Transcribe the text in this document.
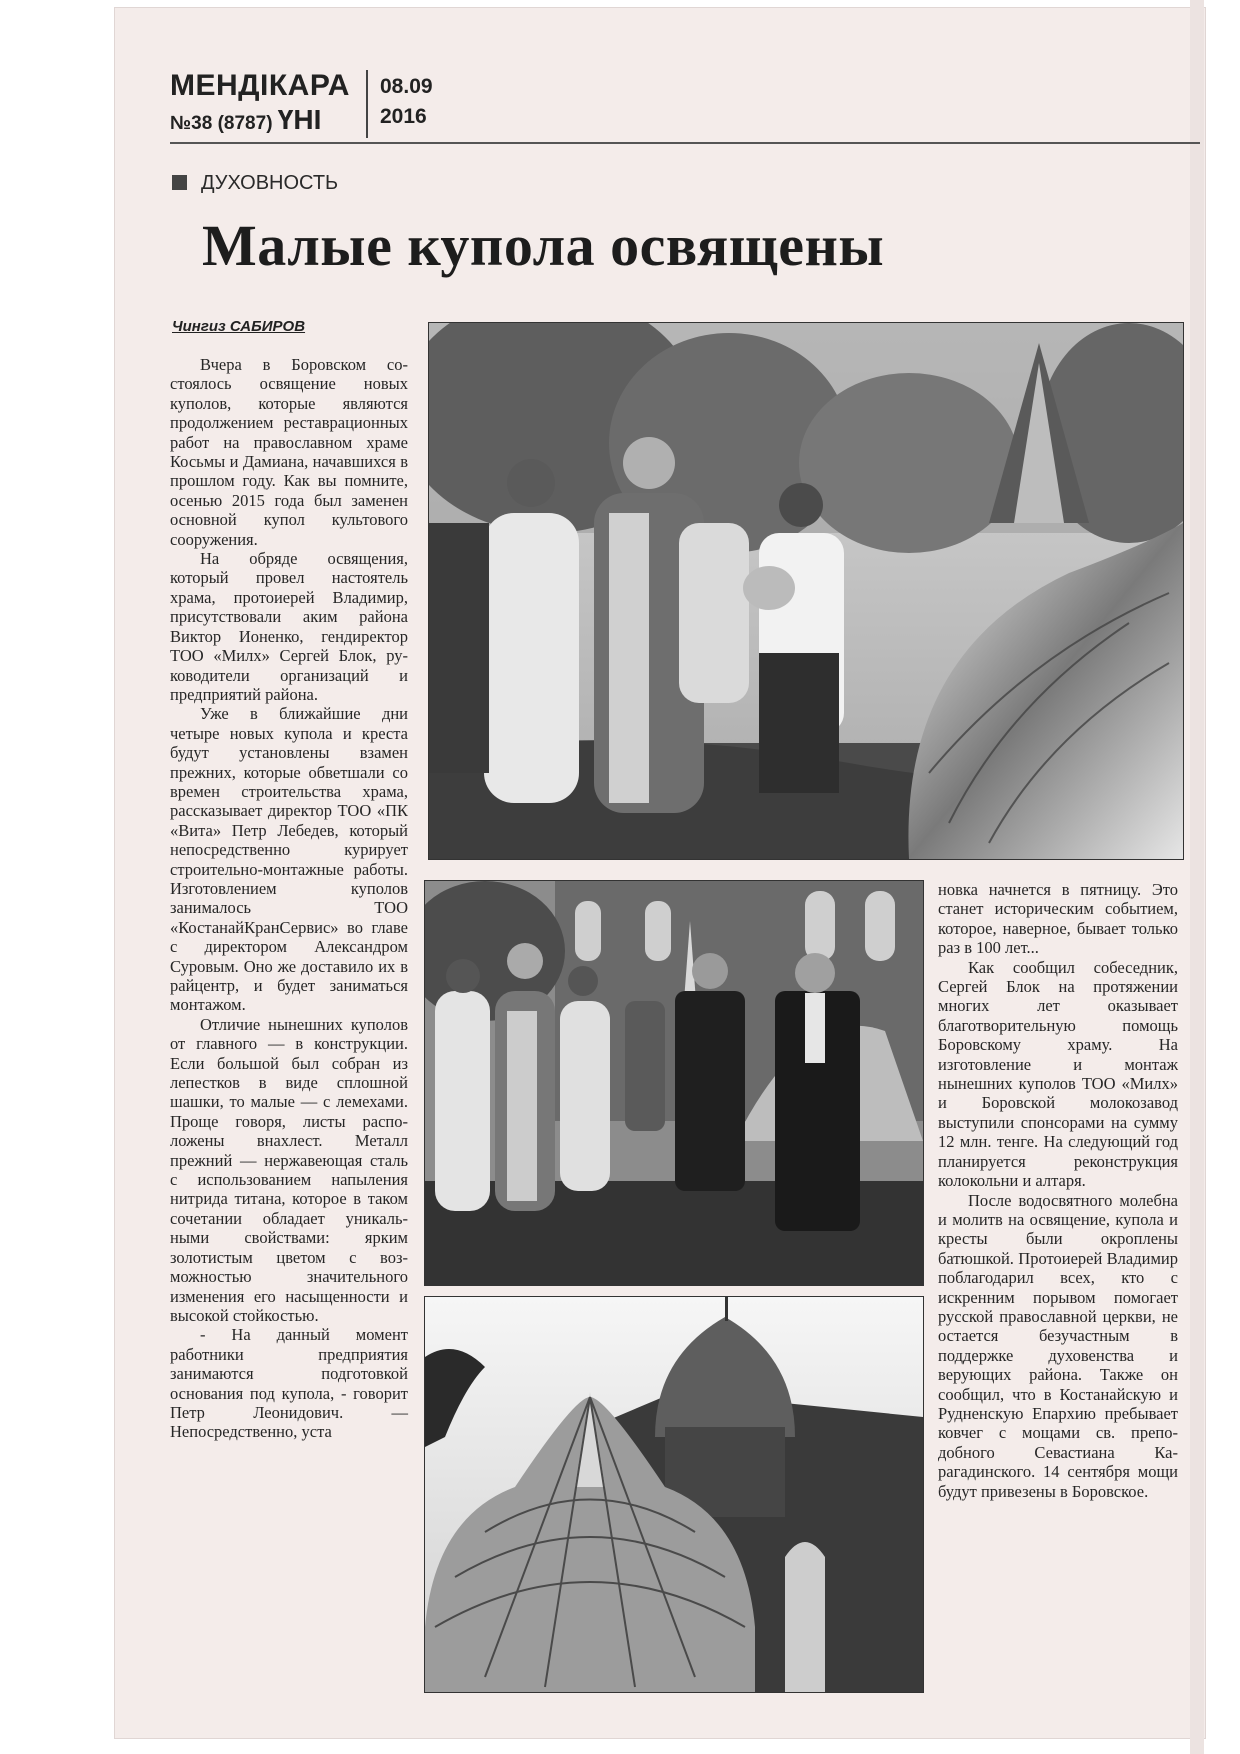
МЕНДІКАРА
№38 (8787) ҮНІ
08.09
2016
ДУХОВНОСТЬ
Малые купола освящены
Чингиз САБИРОВ

Вчера в Боровском состоялось освящение новых куполов, которые являются продолжением реставрационных работ на православном храме Косьмы и Дамиана, начавшихся в прошлом году. Как вы помните, осенью 2015 года был заменен основной купол культового сооружения.

На обряде освящения, который провел настоятель храма, протоиерей Владимир, присутствовали аким района Виктор Ионенко, гендиректор ТОО «Милх» Сергей Блок, руководители организаций и предприятий района.

Уже в ближайшие дни четыре новых купола и креста будут установлены взамен прежних, которые обветшали со времен строительства храма, рассказывает директор ТОО «ПК «Вита» Петр Лебедев, который непосредственно курирует строительно-монтажные работы. Изготовлением куполов занималось ТОО «КостанайКранСервис» во главе с директором Александром Суровым. Оно же доставило их в райцентр, и будет заниматься монтажом.

Отличие нынешних куполов от главного — в конструкции. Если большой был собран из лепестков в виде сплошной шашки, то малые — с лемехами. Проще говоря, листы расположены внахлест. Металл прежний — нержавеющая сталь с использованием напыления нитрида титана, которое в таком сочетании обладает уникальными свойствами: ярким золотистым цветом с возможностью значительного изменения его насыщенности и высокой стойкостью.

- На данный момент работники предприятия занимаются подготовкой основания под купола, - говорит Петр Леонидович. — Непосредственно, уста

новка начнется в пятницу. Это станет историческим событием, которое, наверное, бывает только раз в 100 лет...

Как сообщил собеседник, Сергей Блок на протяжении многих лет оказывает благотворительную помощь Боровскому храму. На изготовление и монтаж нынешних куполов ТОО «Милх» и Боровской молокозавод выступили спонсорами на сумму 12 млн. тенге. На следующий год планируется реконструкция колокольни и алтаря.

После водосвятного молебна и молитв на освящение, купола и кресты были окроплены батюшкой. Протоиерей Владимир поблагодарил всех, кто с искренним порывом помогает русской православной церкви, не остается безучастным в поддержке духовенства и верующих района. Также он сообщил, что в Костанайскую и Рудненскую Епархию пребывает ковчег с мощами св. преподобного Севастиана Карагадинского. 14 сентября мощи будут привезены в Боровское.
